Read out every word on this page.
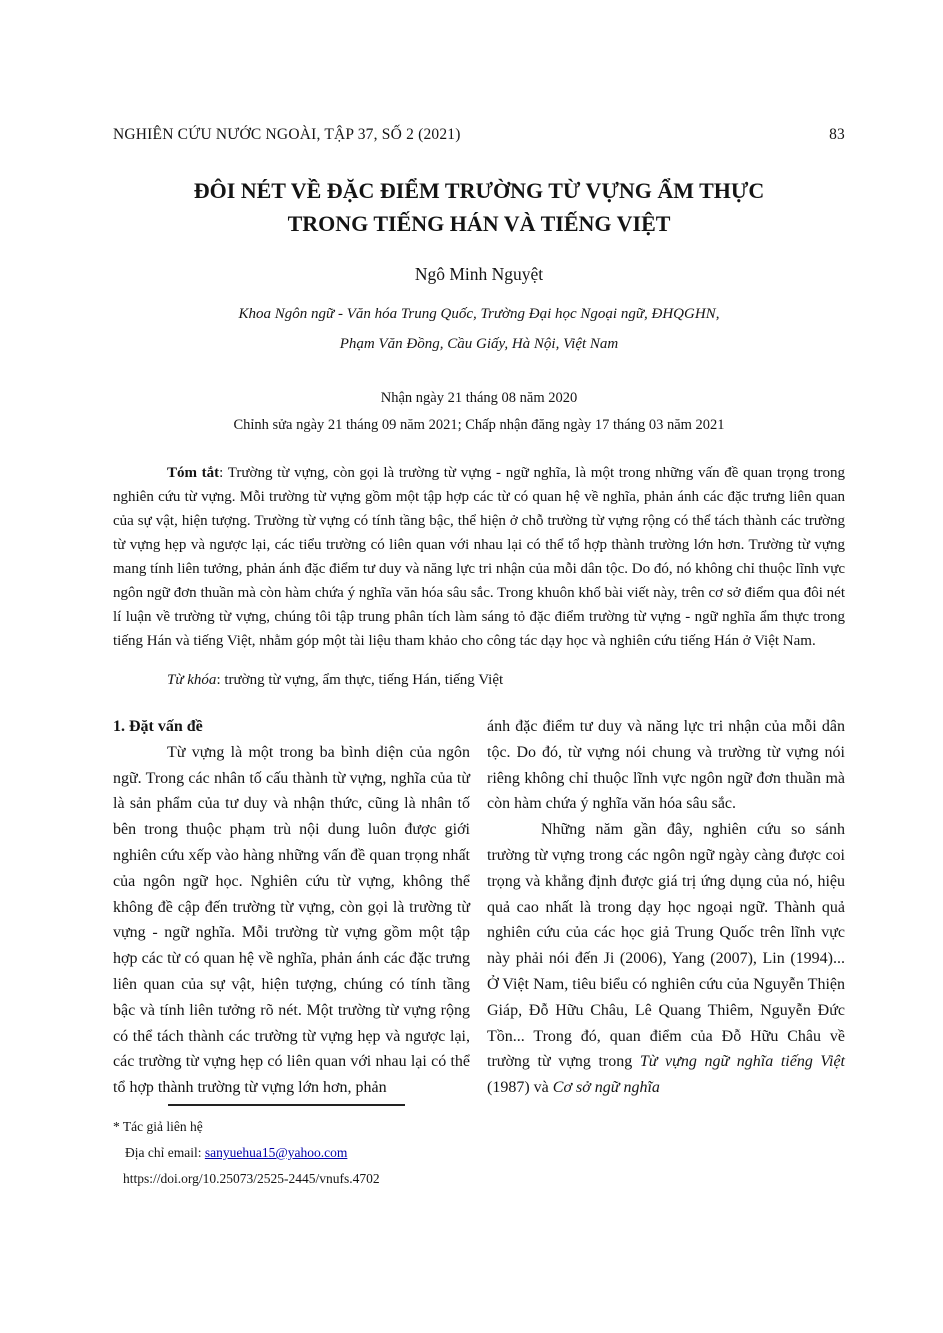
NGHIÊN CỨU NƯỚC NGOÀI, TẬP 37, SỐ 2 (2021)	83
ĐÔI NÉT VỀ ĐẶC ĐIỂM TRƯỜNG TỪ VỰNG ẨM THỰC
TRONG TIẾNG HÁN VÀ TIẾNG VIỆT
Ngô Minh Nguyệt
Khoa Ngôn ngữ - Văn hóa Trung Quốc, Trường Đại học Ngoại ngữ, ĐHQGHN,
Phạm Văn Đồng, Cầu Giấy, Hà Nội, Việt Nam
Nhận ngày 21 tháng 08 năm 2020
Chỉnh sửa ngày 21 tháng 09 năm 2021; Chấp nhận đăng ngày 17 tháng 03 năm 2021

Tóm tắt: Trường từ vựng, còn gọi là trường từ vựng - ngữ nghĩa, là một trong những vấn đề quan trọng trong nghiên cứu từ vựng. Mỗi trường từ vựng gồm một tập hợp các từ có quan hệ về nghĩa, phản ánh các đặc trưng liên quan của sự vật, hiện tượng. Trường từ vựng có tính tầng bậc, thể hiện ở chỗ trường từ vựng rộng có thể tách thành các trường từ vựng hẹp và ngược lại, các tiểu trường có liên quan với nhau lại có thể tổ hợp thành trường lớn hơn. Trường từ vựng mang tính liên tưởng, phản ánh đặc điểm tư duy và năng lực tri nhận của mỗi dân tộc. Do đó, nó không chỉ thuộc lĩnh vực ngôn ngữ đơn thuần mà còn hàm chứa ý nghĩa văn hóa sâu sắc. Trong khuôn khổ bài viết này, trên cơ sở điểm qua đôi nét lí luận về trường từ vựng, chúng tôi tập trung phân tích làm sáng tỏ đặc điểm trường từ vựng - ngữ nghĩa ẩm thực trong tiếng Hán và tiếng Việt, nhằm góp một tài liệu tham khảo cho công tác dạy học và nghiên cứu tiếng Hán ở Việt Nam.

Từ khóa: trường từ vựng, ẩm thực, tiếng Hán, tiếng Việt

1. Đặt vấn đề

Từ vựng là một trong ba bình diện của ngôn ngữ. Trong các nhân tố cấu thành từ vựng, nghĩa của từ là sản phẩm của tư duy và nhận thức, cũng là nhân tố bên trong thuộc phạm trù nội dung luôn được giới nghiên cứu xếp vào hàng những vấn đề quan trọng nhất của ngôn ngữ học. Nghiên cứu từ vựng, không thể không đề cập đến trường từ vựng, còn gọi là trường từ vựng - ngữ nghĩa. Mỗi trường từ vựng gồm một tập hợp các từ có quan hệ về nghĩa, phản ánh các đặc trưng liên quan của sự vật, hiện tượng, chúng có tính tầng bậc và tính liên tưởng rõ nét. Một trường từ vựng rộng có thể tách thành các trường từ vựng hẹp và ngược lại, các trường từ vựng hẹp có liên quan với nhau lại có thể tổ hợp thành trường từ vựng lớn hơn, phản

ánh đặc điểm tư duy và năng lực tri nhận của mỗi dân tộc. Do đó, từ vựng nói chung và trường từ vựng nói riêng không chỉ thuộc lĩnh vực ngôn ngữ đơn thuần mà còn hàm chứa ý nghĩa văn hóa sâu sắc.

Những năm gần đây, nghiên cứu so sánh trường từ vựng trong các ngôn ngữ ngày càng được coi trọng và khẳng định được giá trị ứng dụng của nó, hiệu quả cao nhất là trong dạy học ngoại ngữ. Thành quả nghiên cứu của các học giả Trung Quốc trên lĩnh vực này phải nói đến Ji (2006), Yang (2007), Lin (1994)... Ở Việt Nam, tiêu biểu có nghiên cứu của Nguyễn Thiện Giáp, Đỗ Hữu Châu, Lê Quang Thiêm, Nguyễn Đức Tồn... Trong đó, quan điểm của Đỗ Hữu Châu về trường từ vựng trong Từ vựng ngữ nghĩa tiếng Việt (1987) và Cơ sở ngữ nghĩa

* Tác giả liên hệ
Địa chỉ email: sanyuehua15@yahoo.com
https://doi.org/10.25073/2525-2445/vnufs.4702
